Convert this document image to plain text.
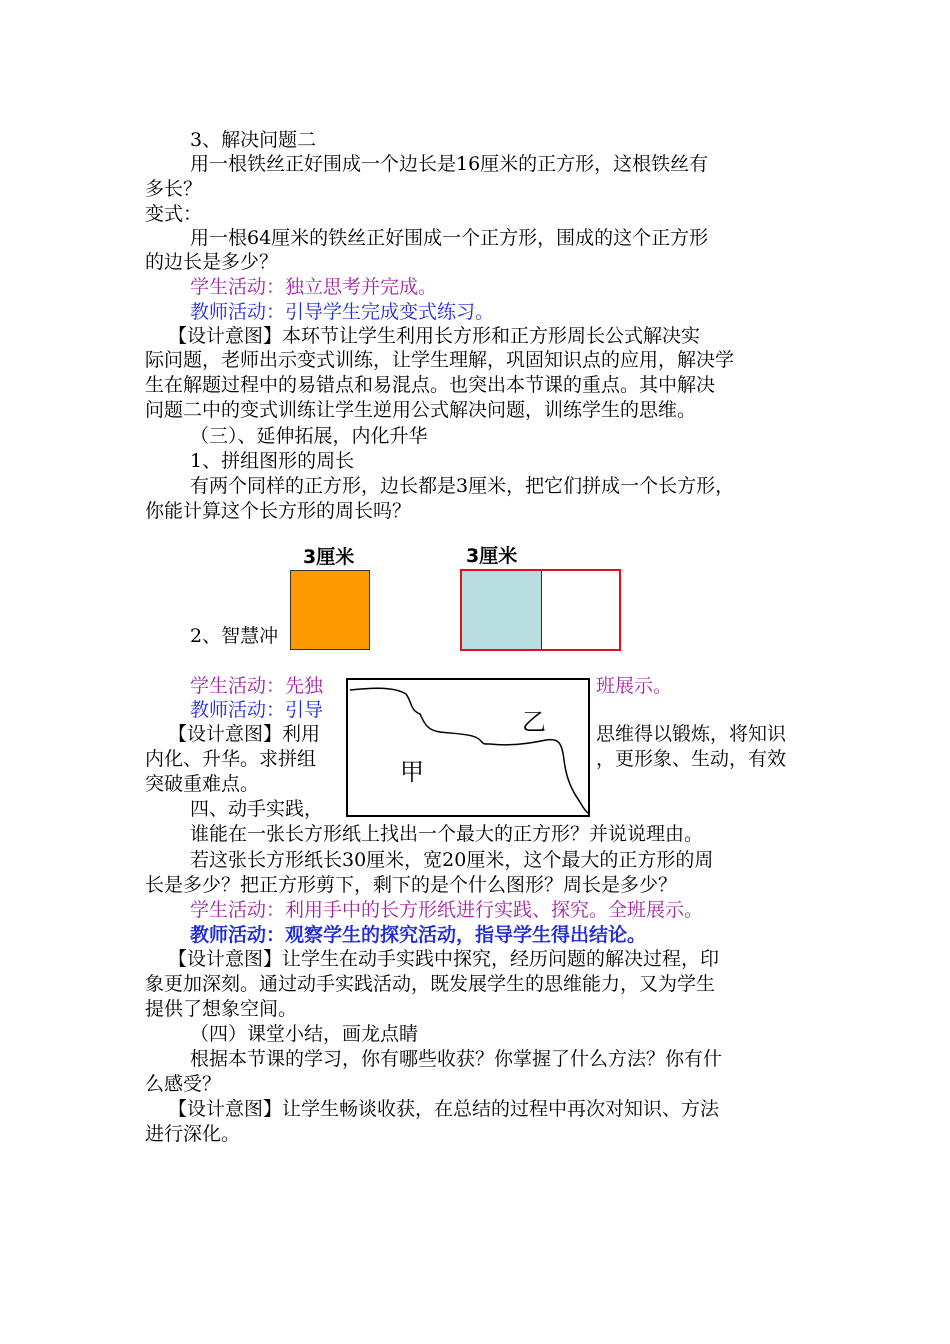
3、解决问题二
用一根铁丝正好围成一个边长是16厘米的正方形，这根铁丝有
多长？
变式：
用一根64厘米的铁丝正好围成一个正方形，围成的这个正方形
的边长是多少？
学生活动：独立思考并完成。
教师活动：引导学生完成变式练习。
【设计意图】本环节让学生利用长方形和正方形周长公式解决实
际问题，老师出示变式训练，让学生理解，巩固知识点的应用，解决学
生在解题过程中的易错点和易混点。也突出本节课的重点。其中解决
问题二中的变式训练让学生逆用公式解决问题，训练学生的思维。
（三）、延伸拓展，内化升华
1、拼组图形的周长
有两个同样的正方形，边长都是3厘米，把它们拼成一个长方形，
你能计算这个长方形的周长吗？
2、智慧冲
学生活动：先独	班展示。
教师活动：引导
【设计意图】利用	思维得以锻炼，将知识
内化、升华。求拼组	，更形象、生动，有效
突破重难点。
四、动手实践，
谁能在一张长方形纸上找出一个最大的正方形？并说说理由。
若这张长方形纸长30厘米，宽20厘米，这个最大的正方形的周
长是多少？把正方形剪下，剩下的是个什么图形？周长是多少？
学生活动：利用手中的长方形纸进行实践、探究。全班展示。
教师活动：观察学生的探究活动，指导学生得出结论。
【设计意图】让学生在动手实践中探究，经历问题的解决过程，印
象更加深刻。通过动手实践活动，既发展学生的思维能力，又为学生
提供了想象空间。
（四）课堂小结，画龙点睛
根据本节课的学习，你有哪些收获？你掌握了什么方法？你有什
么感受？
【设计意图】让学生畅谈收获，在总结的过程中再次对知识、方法
进行深化。
3厘米	3厘米
甲
乙
